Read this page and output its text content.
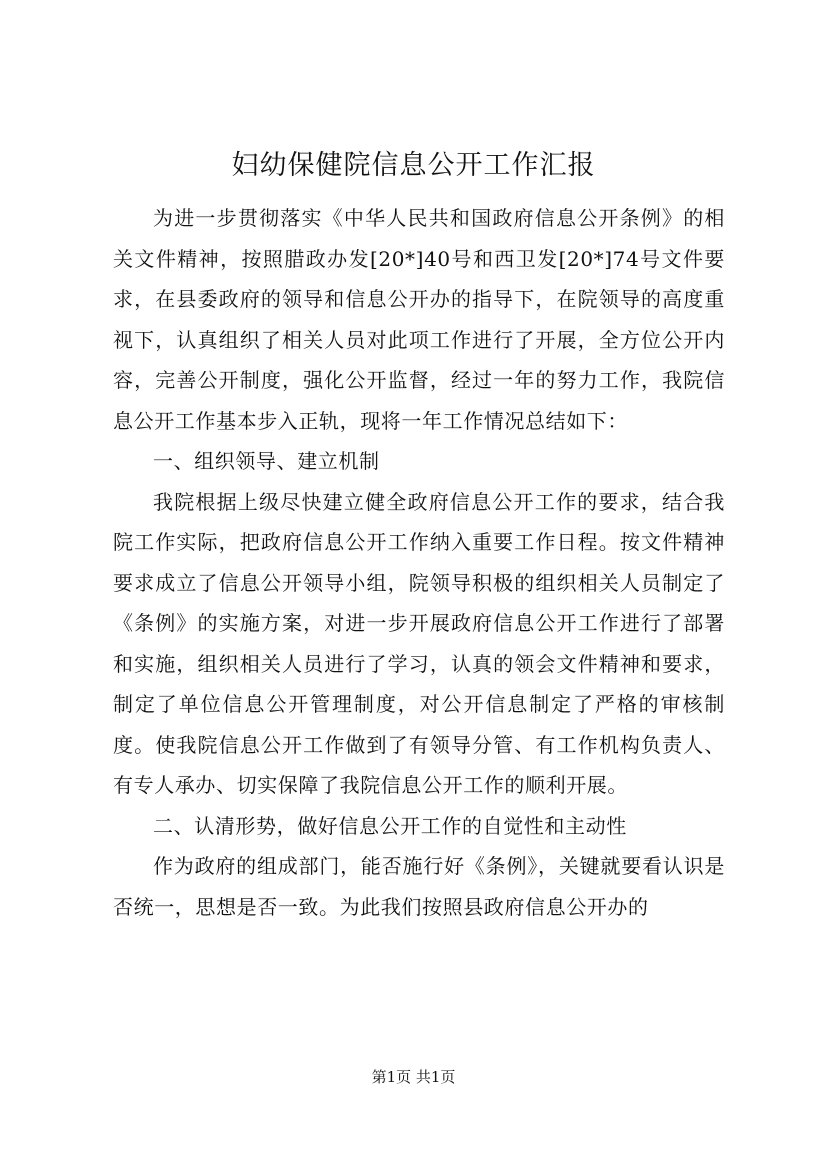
妇幼保健院信息公开工作汇报

为进一步贯彻落实《中华人民共和国政府信息公开条例》的相关文件精神，按照腊政办发[20*]40号和西卫发[20*]74号文件要求，在县委政府的领导和信息公开办的指导下，在院领导的高度重视下，认真组织了相关人员对此项工作进行了开展，全方位公开内容，完善公开制度，强化公开监督，经过一年的努力工作，我院信息公开工作基本步入正轨，现将一年工作情况总结如下：

一、组织领导、建立机制

我院根据上级尽快建立健全政府信息公开工作的要求，结合我院工作实际，把政府信息公开工作纳入重要工作日程。按文件精神要求成立了信息公开领导小组，院领导积极的组织相关人员制定了《条例》的实施方案，对进一步开展政府信息公开工作进行了部署和实施，组织相关人员进行了学习，认真的领会文件精神和要求，制定了单位信息公开管理制度，对公开信息制定了严格的审核制度。使我院信息公开工作做到了有领导分管、有工作机构负责人、有专人承办、切实保障了我院信息公开工作的顺利开展。

二、认清形势，做好信息公开工作的自觉性和主动性

作为政府的组成部门，能否施行好《条例》，关键就要看认识是否统一，思想是否一致。为此我们按照县政府信息公开办的

第1页 共1页
